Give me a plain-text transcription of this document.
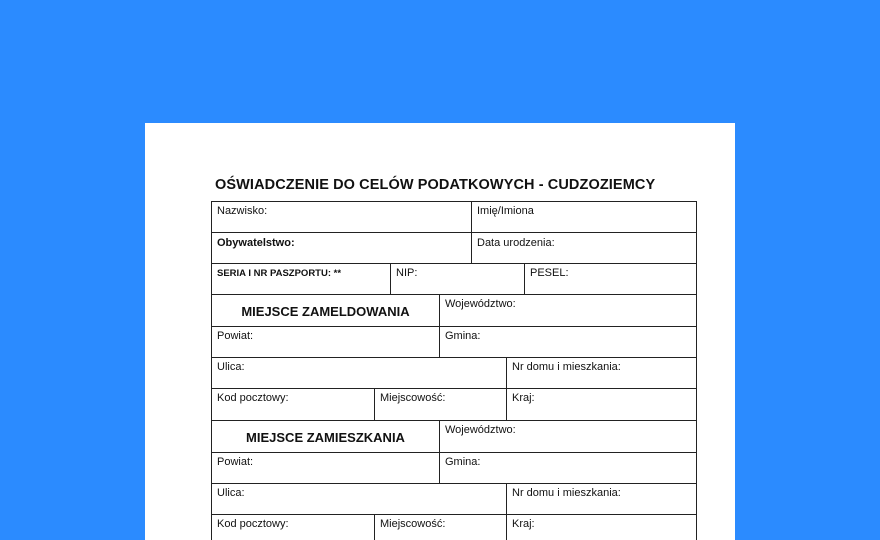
OŚWIADCZENIE DO CELÓW PODATKOWYCH - CUDZOZIEMCY
Nazwisko:	Imię/Imiona
Obywatelstwo:	Data urodzenia:
SERIA I NR PASZPORTU: **	NIP:	PESEL:
MIEJSCE ZAMELDOWANIA	Województwo:
Powiat:	Gmina:
Ulica:	Nr domu i mieszkania:
Kod pocztowy:	Miejscowość:	Kraj:
MIEJSCE ZAMIESZKANIA	Województwo:
Powiat:	Gmina:
Ulica:	Nr domu i mieszkania:
Kod pocztowy:	Miejscowość:	Kraj:
